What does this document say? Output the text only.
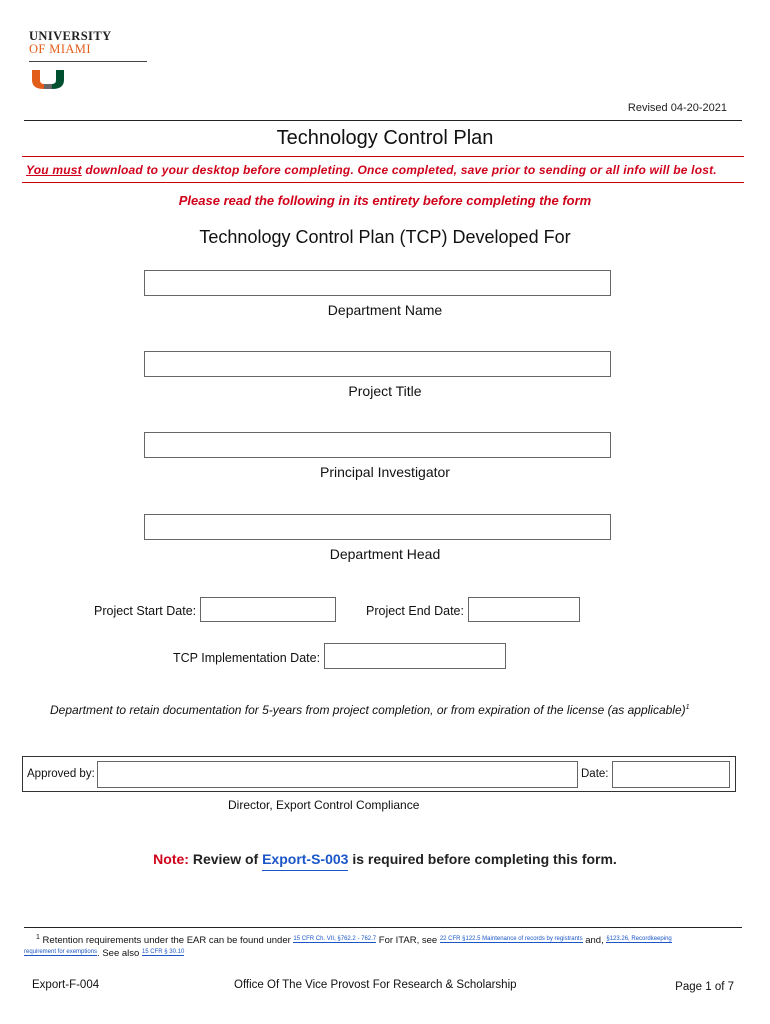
UNIVERSITY
OF MIAMI
Revised 04-20-2021
Technology Control Plan
You must download to your desktop before completing. Once completed, save prior to sending or all info will be lost.
Please read the following in its entirety before completing the form
Technology Control Plan (TCP) Developed For
Department Name
Project Title
Principal Investigator
Department Head
Project Start Date:	Project End Date:
TCP Implementation Date:
Department to retain documentation for 5-years from project completion, or from expiration of the license (as applicable)$^1$
Approved by:	Date:
Director, Export Control Compliance
Note: Review of Export-S-003 is required before completing this form.
$^1$ Retention requirements under the EAR can be found under $^{15 CFR Ch. VII, \S 762.2 - 762.7}$ For ITAR, see $^{22 CFR \S 122.5 Maintenance of records by registrants}$ and, $^{\S 123.26, Recordkeeping}$
$^{requirement for exemptions}$. See also $^{15 CFR \S 30.10}$
Export-F-004	Office Of The Vice Provost For Research & Scholarship	Page 1 of 7
